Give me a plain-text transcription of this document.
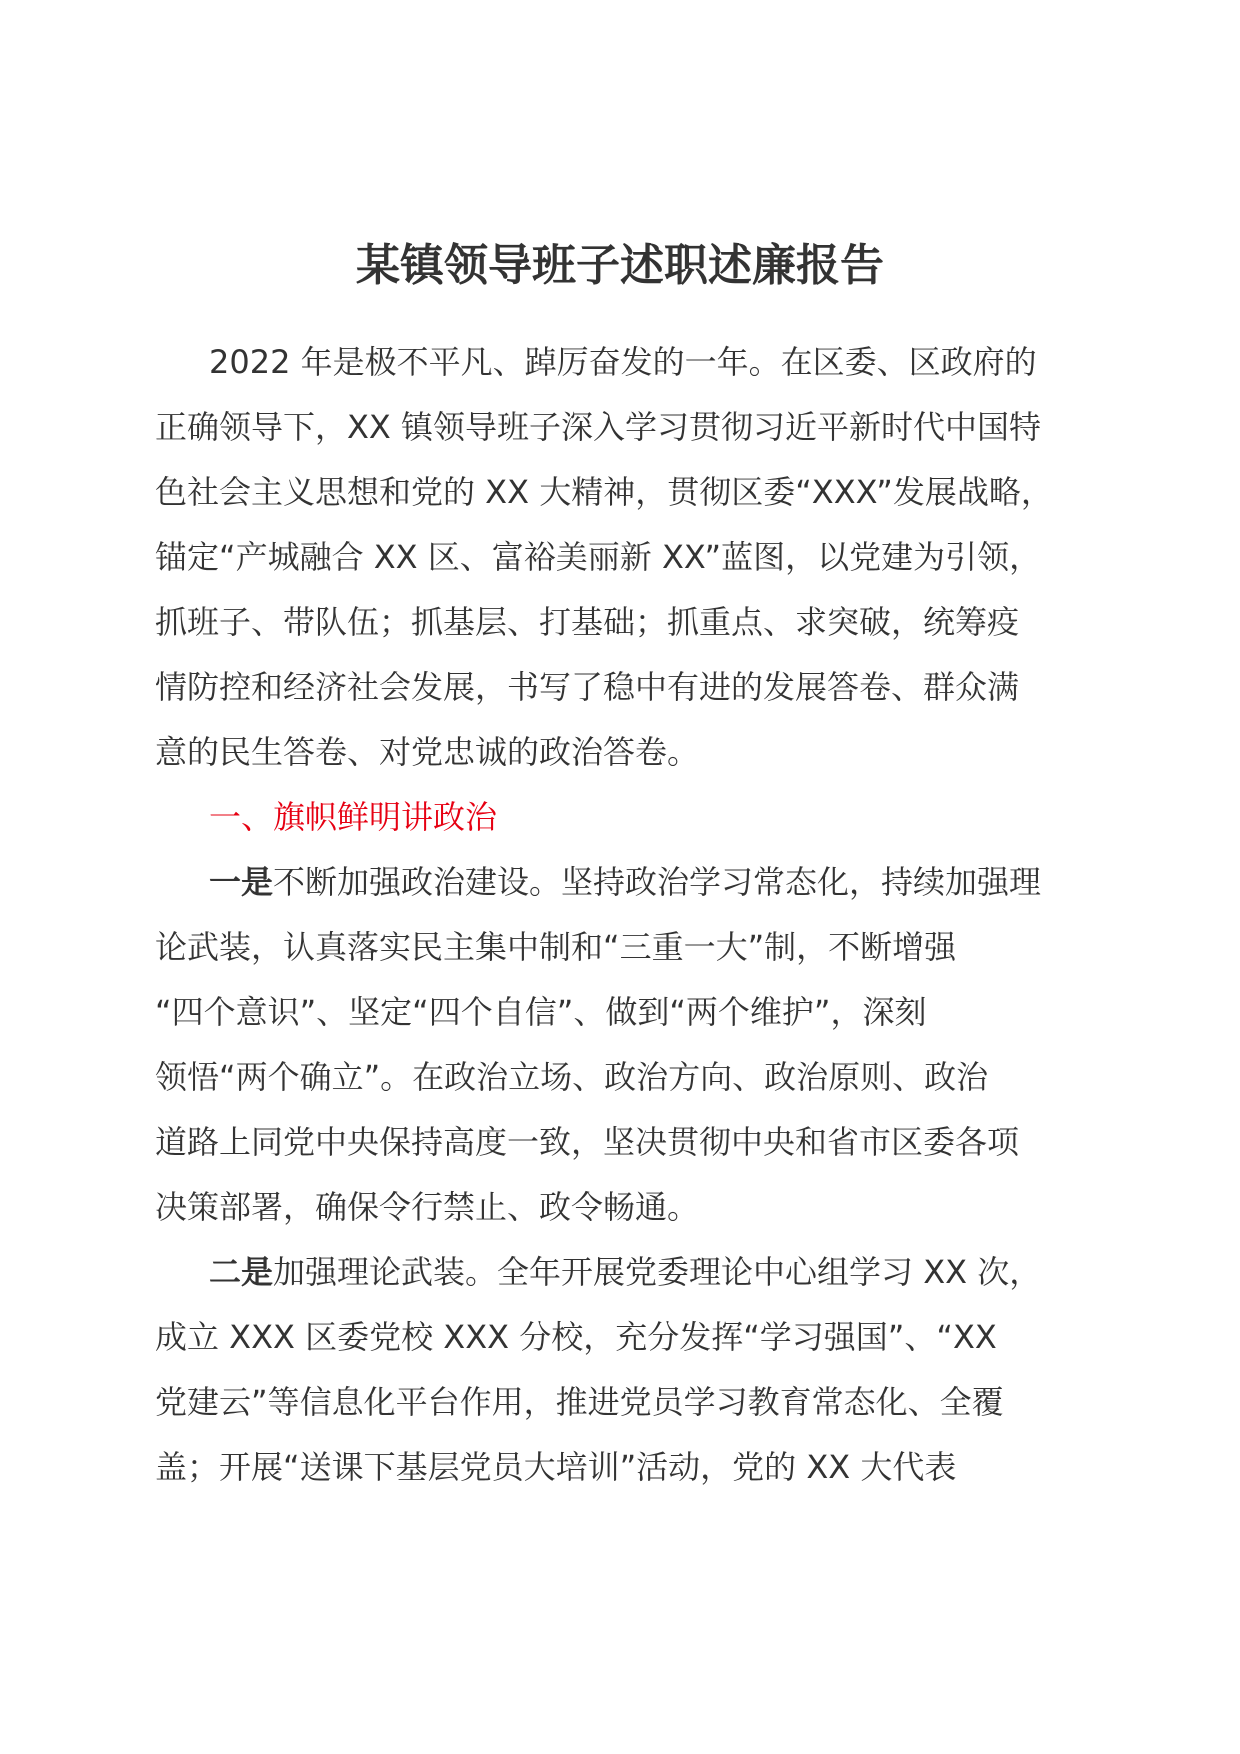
某镇领导班子述职述廉报告
2022 年是极不平凡、踔厉奋发的一年。在区委、区政府的
正确领导下，XX 镇领导班子深入学习贯彻习近平新时代中国特
色社会主义思想和党的 XX 大精神，贯彻区委“XXX”发展战略，
锚定“产城融合 XX 区、富裕美丽新 XX”蓝图，以党建为引领，
抓班子、带队伍；抓基层、打基础；抓重点、求突破，统筹疫
情防控和经济社会发展，书写了稳中有进的发展答卷、群众满
意的民生答卷、对党忠诚的政治答卷。
一、旗帜鲜明讲政治
一是不断加强政治建设。坚持政治学习常态化，持续加强理
论武装，认真落实民主集中制和“三重一大”制，不断增强
“四个意识”、坚定“四个自信”、做到“两个维护”，深刻
领悟“两个确立”。在政治立场、政治方向、政治原则、政治
道路上同党中央保持高度一致，坚决贯彻中央和省市区委各项
决策部署，确保令行禁止、政令畅通。
二是加强理论武装。全年开展党委理论中心组学习 XX 次，
成立 XXX 区委党校 XXX 分校，充分发挥“学习强国”、“XX
党建云”等信息化平台作用，推进党员学习教育常态化、全覆
盖；开展“送课下基层党员大培训”活动，党的 XX 大代表
